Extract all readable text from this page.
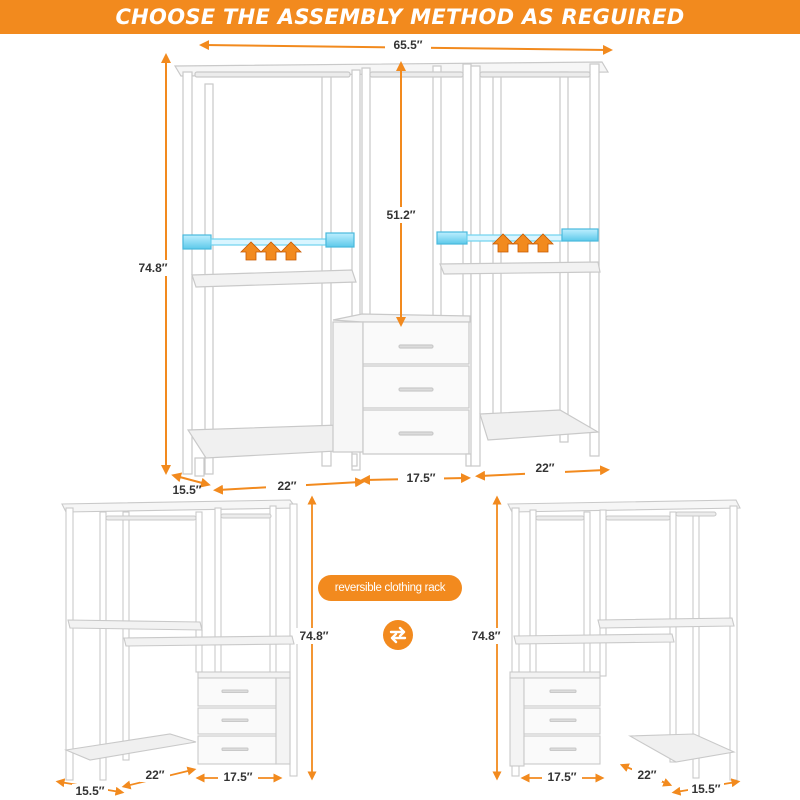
CHOOSE THE ASSEMBLY METHOD AS REGUIRED
65.5″
74.8″
51.2″
15.5″	22″
17.5″
22″
74.8″
15.5″
22″	17.5″
74.8″
17.5″	22″
15.5″
reversible clothing rack
